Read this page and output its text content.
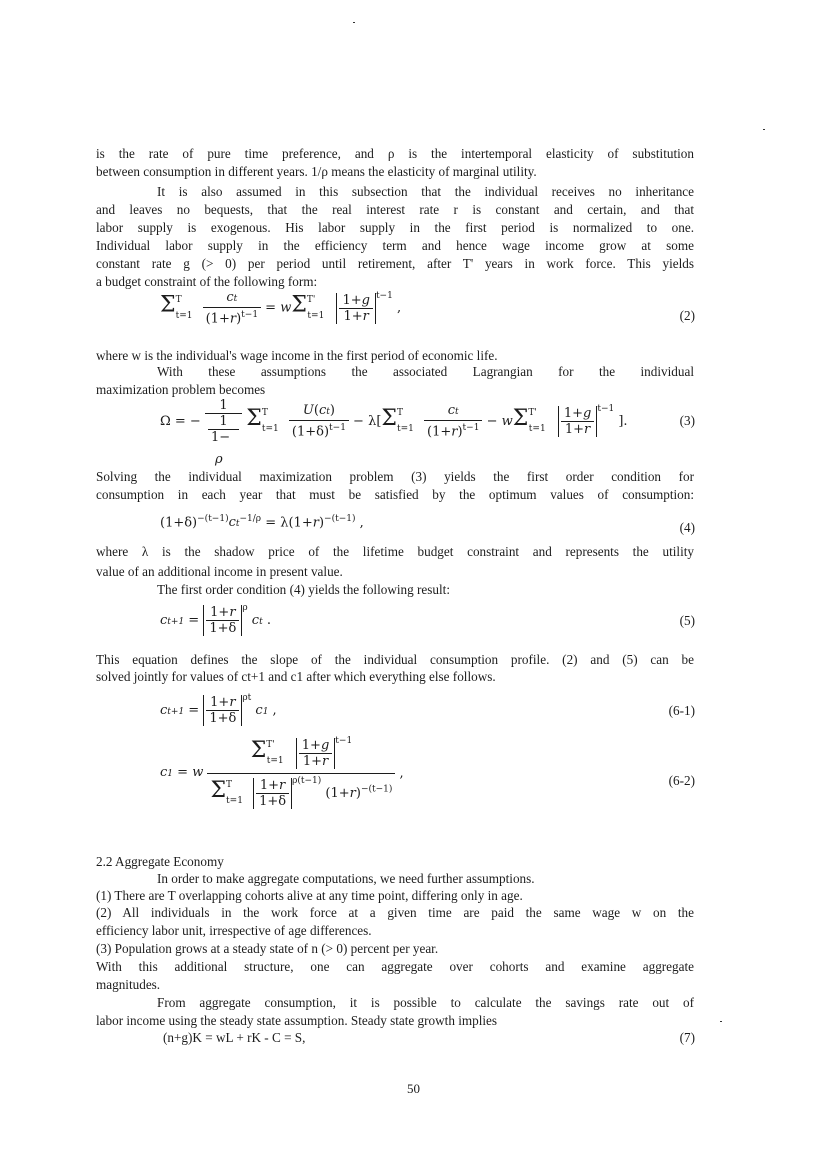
is the rate of pure time preference, and ρ is the intertemporal elasticity of substitution
between consumption in different years. 1/ρ means the elasticity of marginal utility.
It is also assumed in this subsection that the individual receives no inheritance
and leaves no bequests, that the real interest rate r is constant and certain, and that
labor supply is exogenous. His labor supply in the first period is normalized to one.
Individual labor supply in the efficiency term and hence wage income grow at some
constant rate g (> 0) per period until retirement, after T' years in work force. This yields
a budget constraint of the following form:
$\Sigma^T_{t=1} \frac{ct}{(1+r)^{t-1}} = w\Sigma^{T'}_{t=1} \frac{1+g}{1+r} ^{t-1}$ ,	(2)
where w is the individual's wage income in the first period of economic life.
With these assumptions the associated Lagrangian for the individual
maximization problem becomes
Ω = − $\frac{1}{\frac{1}{1-}} \Sigma^T_{t=1} \frac{U(ct)}{(1+\delta)^{t-1}} - \lambda[\Sigma^T_{t=1} \frac{ct}{(1+r)^{t-1}} - w\Sigma^{T'}_{t=1} \frac{1+g}{1+r} ^{t-1}$ ].
ρ
(3)
Solving the individual maximization problem (3) yields the first order condition for
consumption in each year that must be satisfied by the optimum values of consumption:
$(1+\delta)^{-(t-1)}ct^{-1/\rho} = \lambda(1+r)^{-(t-1)}$ ,	(4)
where λ is the shadow price of the lifetime budget constraint and represents the utility
value of an additional income in present value.
The first order condition (4) yields the following result:
$ct+1 = \frac{1+r}{1+\delta} ^\rho$ ct .	(5)
This equation defines the slope of the individual consumption profile. (2) and (5) can be
solved jointly for values of ct+1 and c1 after which everything else follows.
$ct+1 = \frac{1+r}{1+\delta} ^{\rho t}$ c1 ,	(6-1)
c1 = w
$\Sigma^{T'}_{t=1} \frac{1+g}{1+r} ^{t-1}$
$\Sigma^T_{t=1} \frac{1+r}{1+\delta} ^{\rho(t-1)}$ $(1+r)^{-(t-1)}$
,	(6-2)
2.2 Aggregate Economy
In order to make aggregate computations, we need further assumptions.
(1) There are T overlapping cohorts alive at any time point, differing only in age.
(2) All individuals in the work force at a given time are paid the same wage w on the
efficiency labor unit, irrespective of age differences.
(3) Population grows at a steady state of n (> 0) percent per year.
With this additional structure, one can aggregate over cohorts and examine aggregate
magnitudes.
From aggregate consumption, it is possible to calculate the savings rate out of
labor income using the steady state assumption. Steady state growth implies
(n+g)K = wL + rK - C = S,	(7)
50
